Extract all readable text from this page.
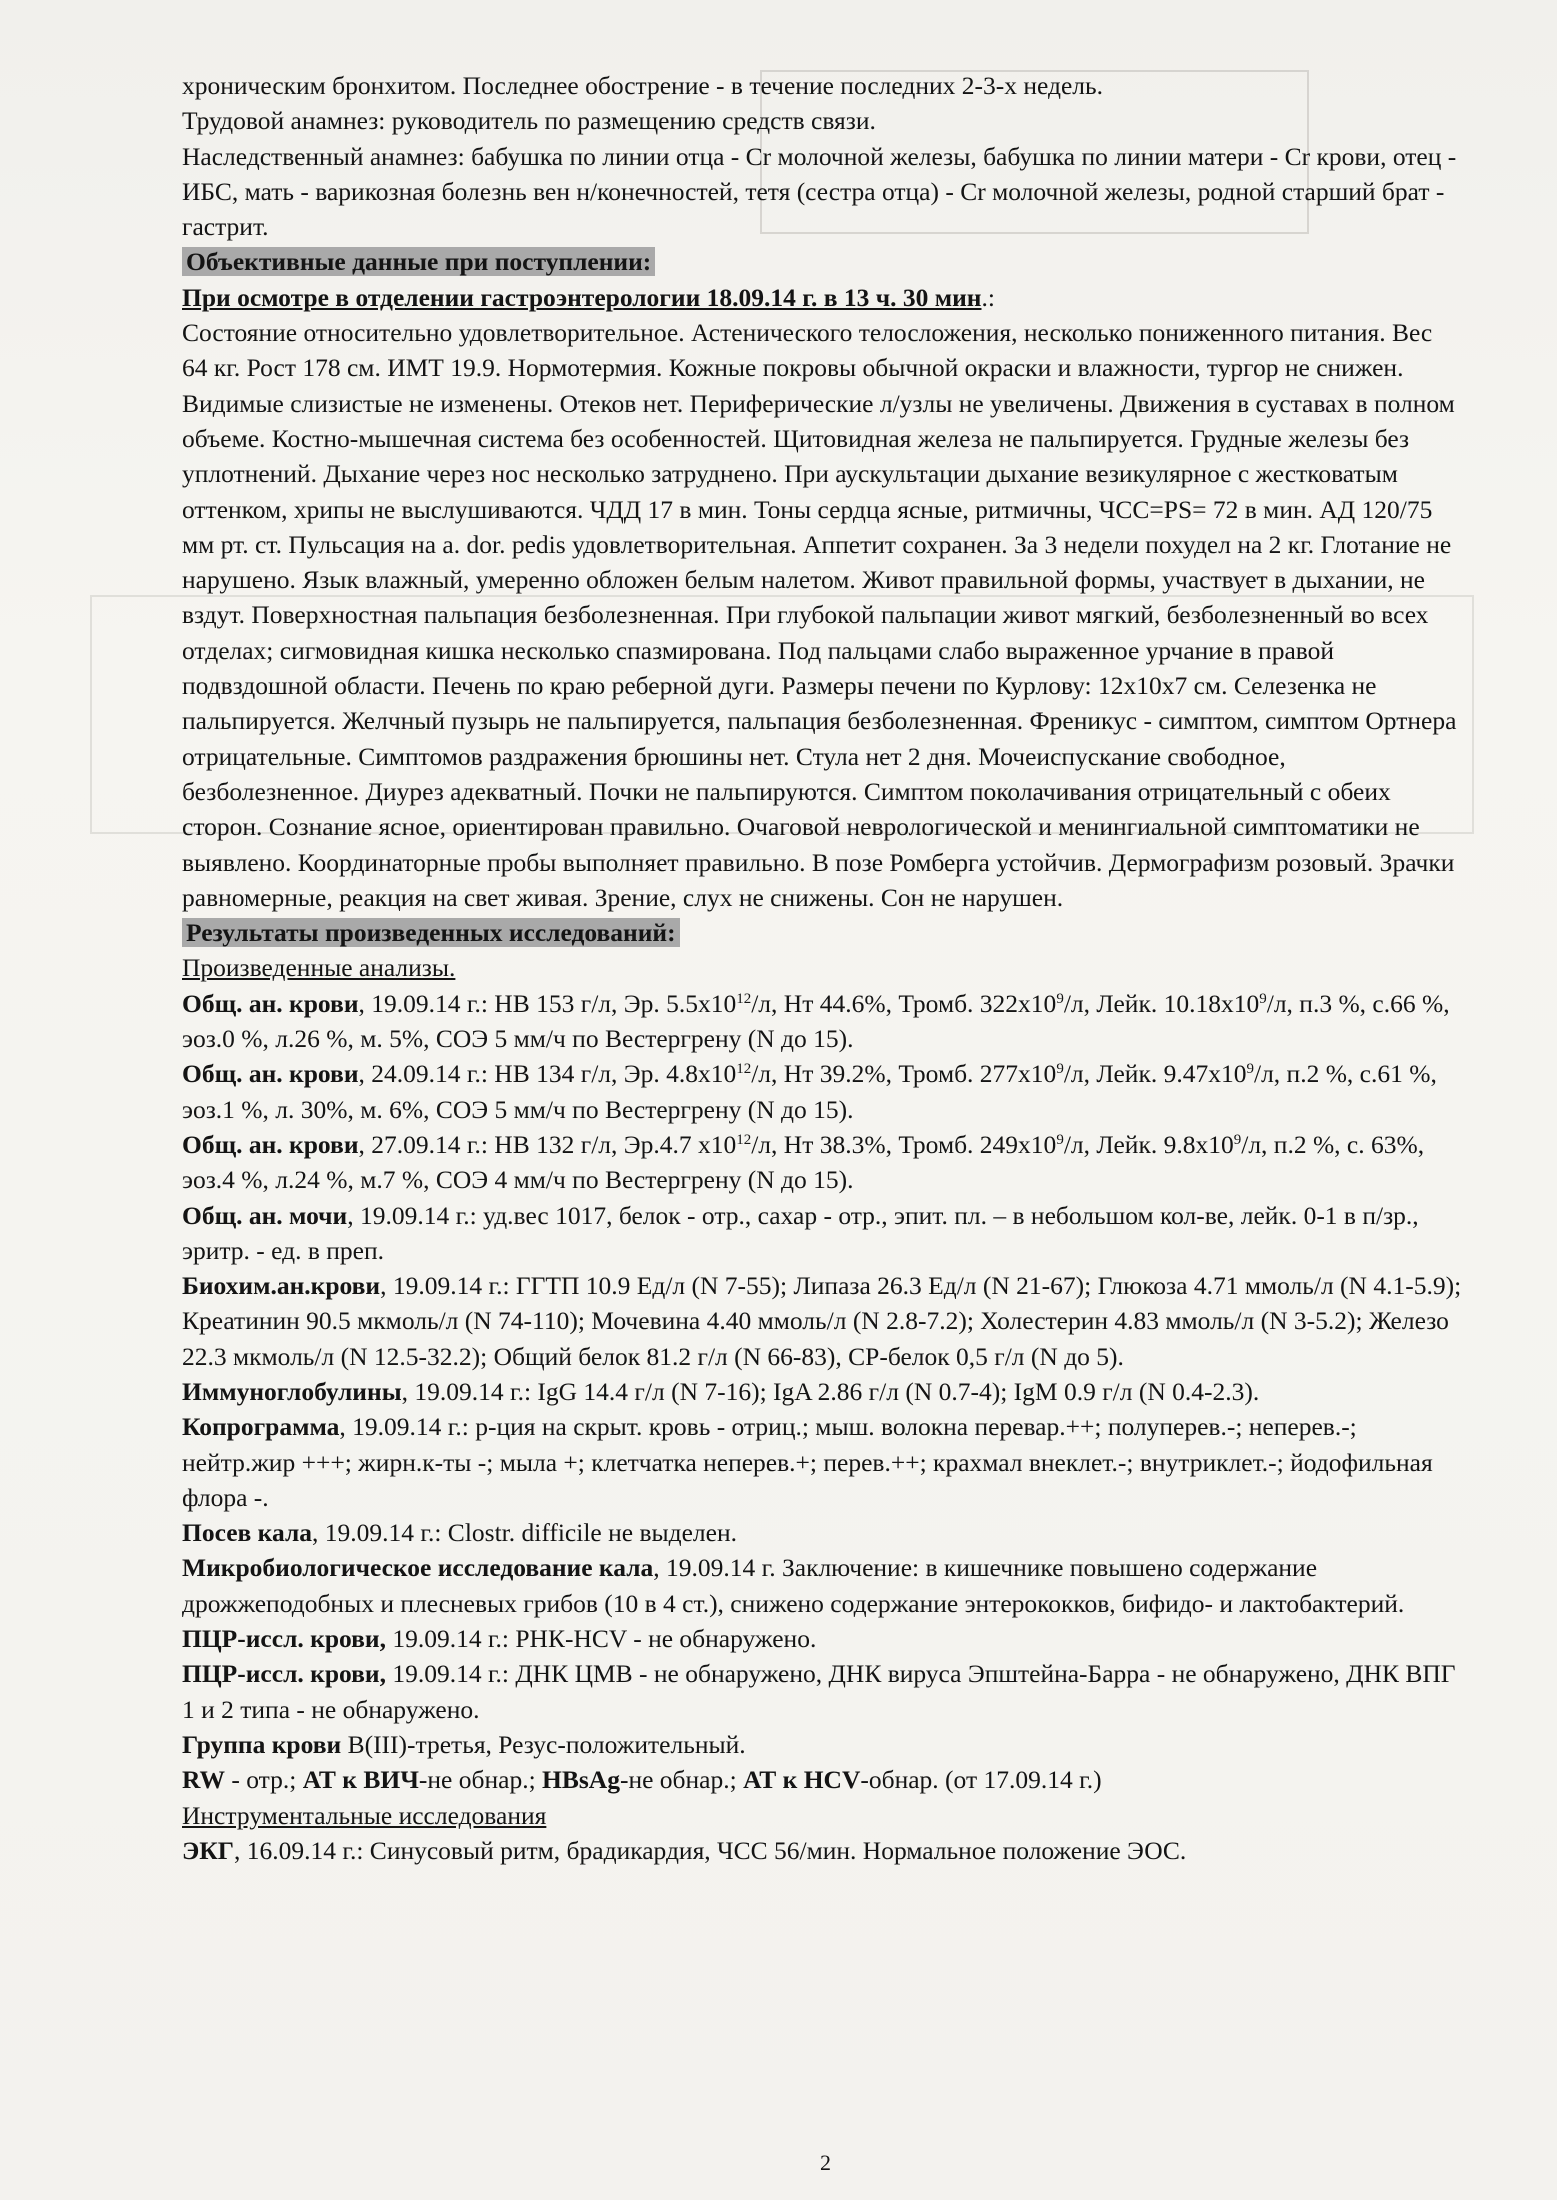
хроническим бронхитом. Последнее обострение - в течение последних 2-3-х недель.

Трудовой анамнез: руководитель по размещению средств связи.

Наследственный анамнез: бабушка по линии отца - Cr молочной железы, бабушка по линии матери - Cr крови, отец - ИБС, мать - варикозная болезнь вен н/конечностей, тетя (сестра отца) - Cr молочной железы, родной старший брат - гастрит.

Объективные данные при поступлении:

При осмотре в отделении гастроэнтерологии 18.09.14 г. в 13 ч. 30 мин.:

Состояние относительно удовлетворительное. Астенического телосложения, несколько пониженного питания. Вес 64 кг. Рост 178 см. ИМТ 19.9. Нормотермия. Кожные покровы обычной окраски и влажности, тургор не снижен. Видимые слизистые не изменены. Отеков нет. Периферические л/узлы не увеличены. Движения в суставах в полном объеме. Костно-мышечная система без особенностей. Щитовидная железа не пальпируется. Грудные железы без уплотнений. Дыхание через нос несколько затруднено. При аускультации дыхание везикулярное с жестковатым оттенком, хрипы не выслушиваются. ЧДД 17 в мин. Тоны сердца ясные, ритмичны, ЧСС=PS= 72 в мин. АД 120/75 мм рт. ст. Пульсация на a. dor. pedis удовлетворительная. Аппетит сохранен. За 3 недели похудел на 2 кг. Глотание не нарушено. Язык влажный, умеренно обложен белым налетом. Живот правильной формы, участвует в дыхании, не вздут. Поверхностная пальпация безболезненная. При глубокой пальпации живот мягкий, безболезненный во всех отделах; сигмовидная кишка несколько спазмирована. Под пальцами слабо выраженное урчание в правой подвздошной области. Печень по краю реберной дуги. Размеры печени по Курлову: 12х10х7 см. Селезенка не пальпируется. Желчный пузырь не пальпируется, пальпация безболезненная. Френикус - симптом, симптом Ортнера отрицательные. Симптомов раздражения брюшины нет. Стула нет 2 дня. Мочеиспускание свободное, безболезненное. Диурез адекватный. Почки не пальпируются. Симптом поколачивания отрицательный с обеих сторон. Сознание ясное, ориентирован правильно. Очаговой неврологической и менингиальной симптоматики не выявлено. Координаторные пробы выполняет правильно. В позе Ромберга устойчив. Дермографизм розовый. Зрачки равномерные, реакция на свет живая. Зрение, слух не снижены. Сон не нарушен.

Результаты произведенных исследований:

Произведенные анализы.

Общ. ан. крови, 19.09.14 г.: НВ 153 г/л, Эр. $5.5х10^{12}/л$, Нт 44.6%, Тромб. $322х10^9/л$, Лейк. $10.18х10^9/л$, п.3 %, с.66 %, эоз.0 %, л.26 %, м. 5%, СОЭ 5 мм/ч по Вестергрену (N до 15).

Общ. ан. крови, 24.09.14 г.: НВ 134 г/л, Эр. $4.8х10^{12}/л$, Нт 39.2%, Тромб. $277х10^9/л$, Лейк. $9.47х10^9/л$, п.2 %, с.61 %, эоз.1 %, л. 30%, м. 6%, СОЭ 5 мм/ч по Вестергрену (N до 15).

Общ. ан. крови, 27.09.14 г.: НВ 132 г/л, Эр.4.7 $х10^{12}/л$, Нт 38.3%, Тромб. $249х10^9/л$, Лейк. $9.8х10^9/л$, п.2 %, с. 63%, эоз.4 %, л.24 %, м.7 %, СОЭ 4 мм/ч по Вестергрену (N до 15).

Общ. ан. мочи, 19.09.14 г.: уд.вес 1017, белок - отр., сахар - отр., эпит. пл. – в небольшом кол-ве, лейк. 0-1 в п/зр., эритр. - ед. в преп.

Биохим.ан.крови, 19.09.14 г.: ГГТП 10.9 Ед/л (N 7-55); Липаза 26.3 Ед/л (N 21-67); Глюкоза 4.71 ммоль/л (N 4.1-5.9); Креатинин 90.5 мкмоль/л (N 74-110); Мочевина 4.40 ммоль/л (N 2.8-7.2); Холестерин 4.83 ммоль/л (N 3-5.2); Железо 22.3 мкмоль/л (N 12.5-32.2); Общий белок 81.2 г/л (N 66-83), СР-белок 0,5 г/л (N до 5).

Иммуноглобулины, 19.09.14 г.: IgG 14.4 г/л (N 7-16); IgA 2.86 г/л (N 0.7-4); IgM 0.9 г/л (N 0.4-2.3).

Копрограмма, 19.09.14 г.: р-ция на скрыт. кровь - отриц.; мыш. волокна перевар.++; полуперев.-; неперев.-; нейтр.жир +++; жирн.к-ты -; мыла +; клетчатка неперев.+; перев.++; крахмал внеклет.-; внутриклет.-; йодофильная флора -.

Посев кала, 19.09.14 г.: Clostr. difficile не выделен.

Микробиологическое исследование кала, 19.09.14 г. Заключение: в кишечнике повышено содержание дрожжеподобных и плесневых грибов (10 в 4 ст.), снижено содержание энтерококков, бифидо- и лактобактерий.

ПЦР-иссл. крови, 19.09.14 г.: РНК-HCV - не обнаружено.

ПЦР-иссл. крови, 19.09.14 г.: ДНК ЦМВ - не обнаружено, ДНК вируса Эпштейна-Барра - не обнаружено, ДНК ВПГ 1 и 2 типа - не обнаружено.

Группа крови В(III)-третья, Резус-положительный.

RW - отр.; АТ к ВИЧ-не обнар.; HBsAg-не обнар.; АТ к HCV-обнар. (от 17.09.14 г.)

Инструментальные исследования

ЭКГ, 16.09.14 г.: Синусовый ритм, брадикардия, ЧСС 56/мин. Нормальное положение ЭОС.

2
